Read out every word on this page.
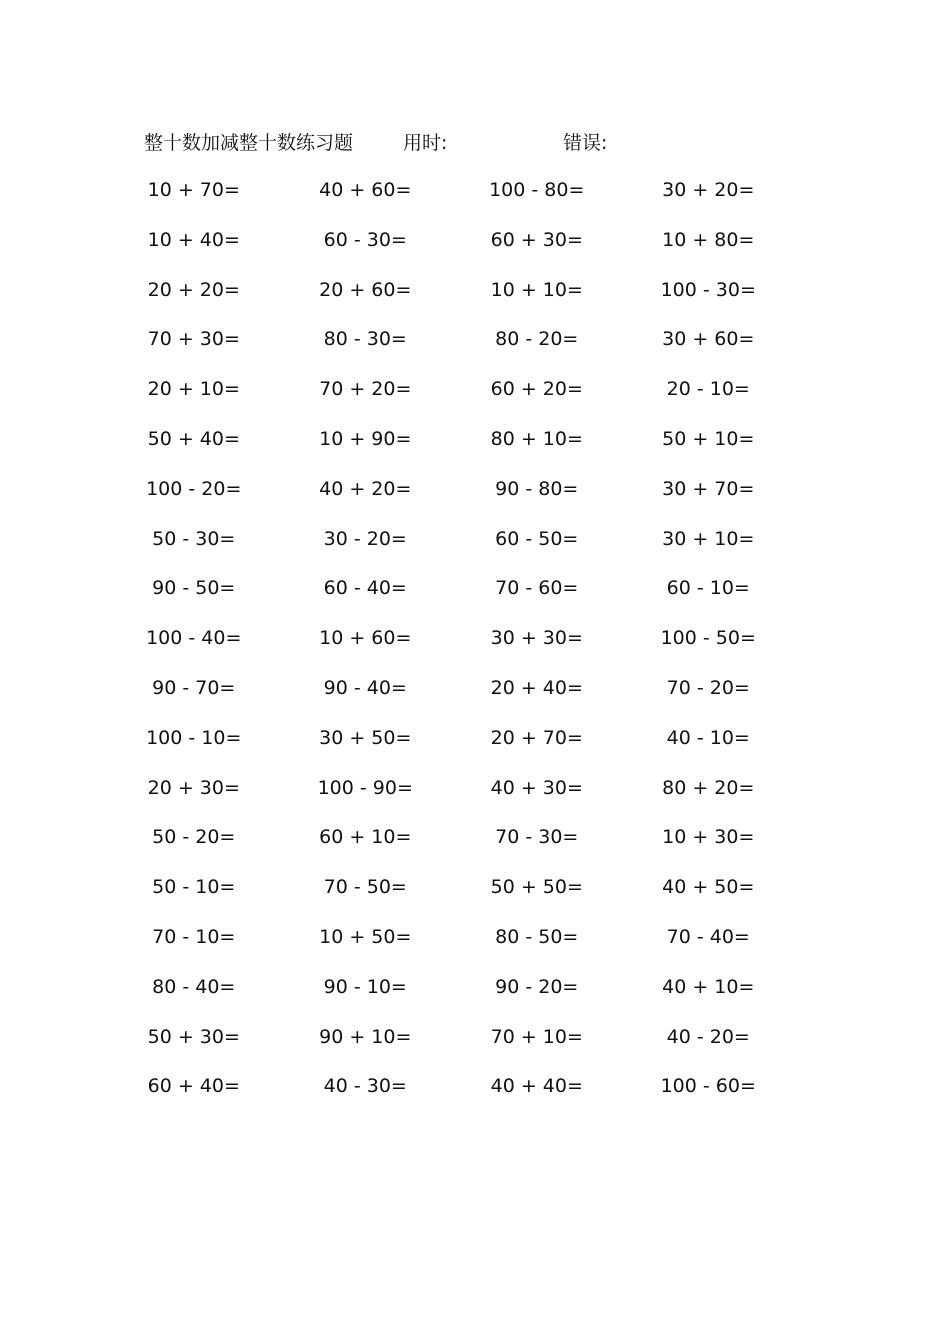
整十数加减整十数练习题	用时:	错误:
10 + 70=	40 + 60=	100 - 80=	30 + 20=
10 + 40=	60 - 30=	60 + 30=	10 + 80=
20 + 20=	20 + 60=	10 + 10=	100 - 30=
70 + 30=	80 - 30=	80 - 20=	30 + 60=
20 + 10=	70 + 20=	60 + 20=	20 - 10=
50 + 40=	10 + 90=	80 + 10=	50 + 10=
100 - 20=	40 + 20=	90 - 80=	30 + 70=
50 - 30=	30 - 20=	60 - 50=	30 + 10=
90 - 50=	60 - 40=	70 - 60=	60 - 10=
100 - 40=	10 + 60=	30 + 30=	100 - 50=
90 - 70=	90 - 40=	20 + 40=	70 - 20=
100 - 10=	30 + 50=	20 + 70=	40 - 10=
20 + 30=	100 - 90=	40 + 30=	80 + 20=
50 - 20=	60 + 10=	70 - 30=	10 + 30=
50 - 10=	70 - 50=	50 + 50=	40 + 50=
70 - 10=	10 + 50=	80 - 50=	70 - 40=
80 - 40=	90 - 10=	90 - 20=	40 + 10=
50 + 30=	90 + 10=	70 + 10=	40 - 20=
60 + 40=	40 - 30=	40 + 40=	100 - 60=
